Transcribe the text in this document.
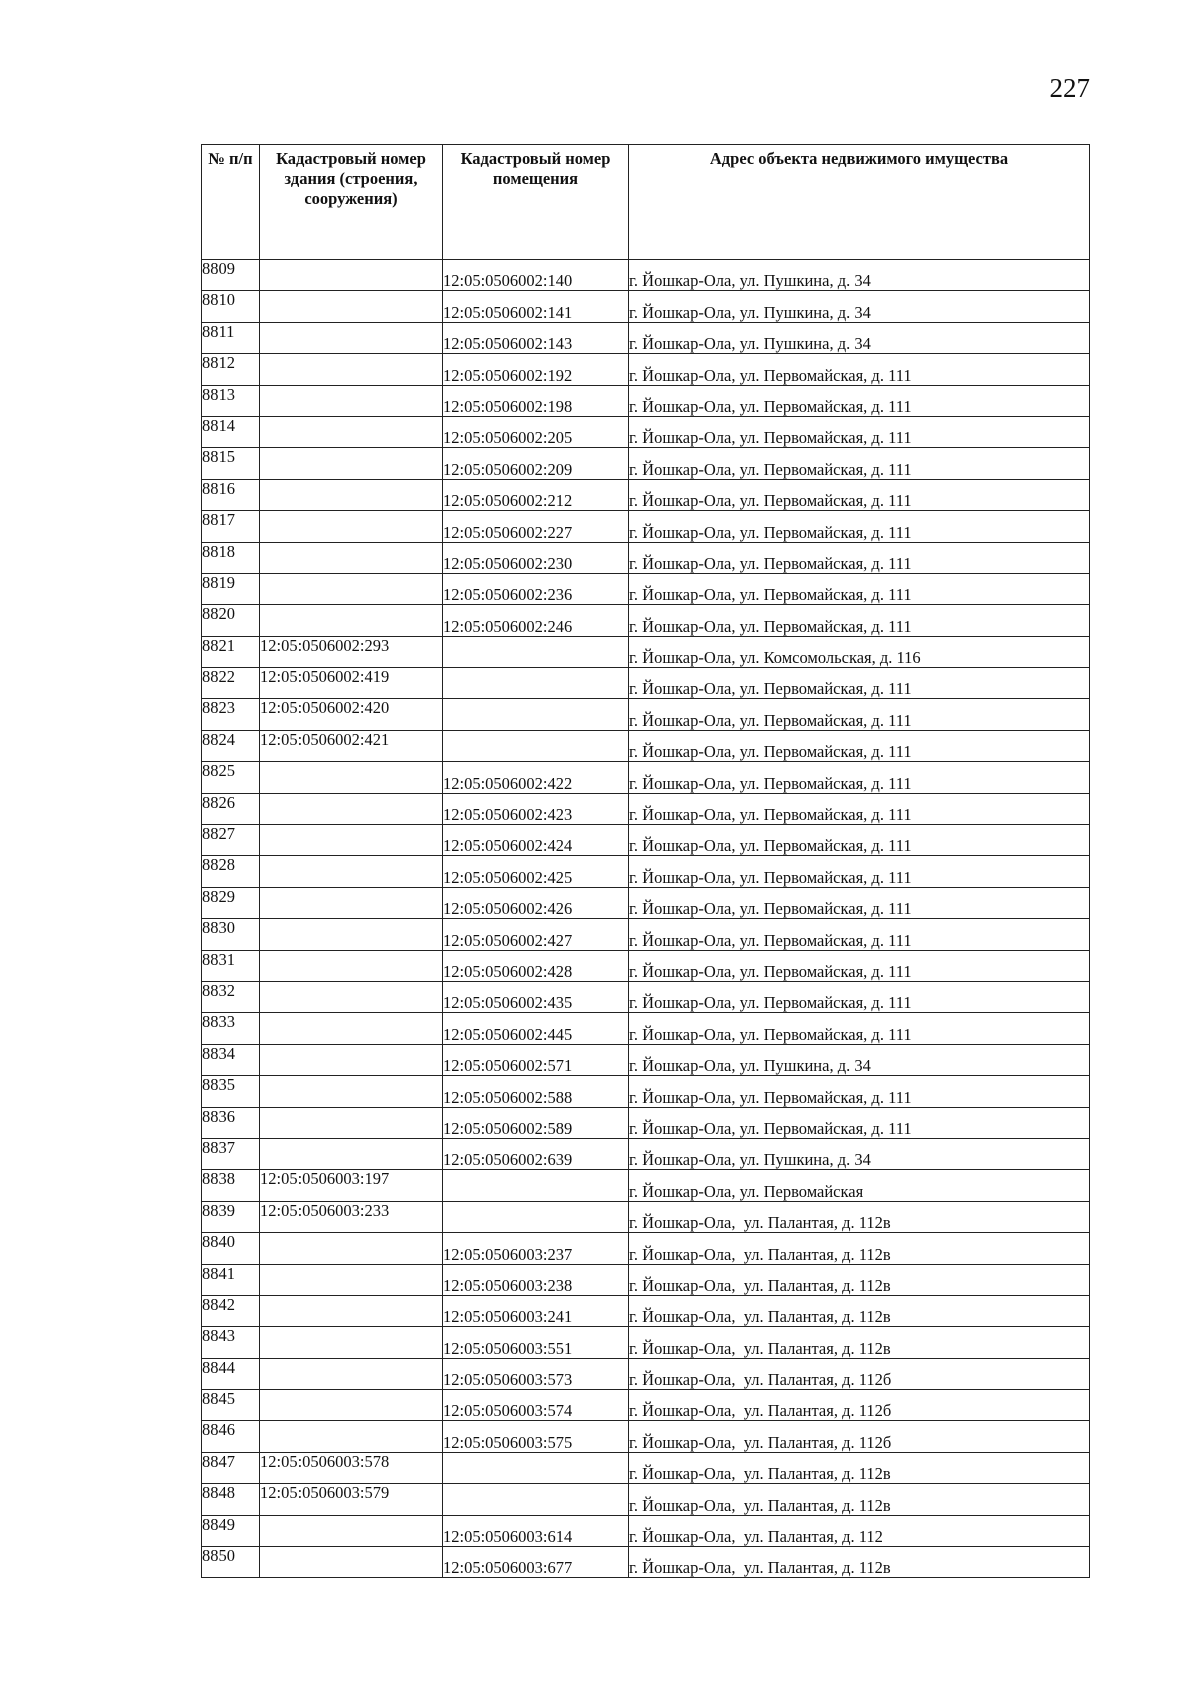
227
№ п/п	Кадастровый номер здания (строения, сооружения)	Кадастровый номер помещения	Адрес объекта недвижимого имущества
8809		12:05:0506002:140	г. Йошкар-Ола, ул. Пушкина, д. 34
8810		12:05:0506002:141	г. Йошкар-Ола, ул. Пушкина, д. 34
8811		12:05:0506002:143	г. Йошкар-Ола, ул. Пушкина, д. 34
8812		12:05:0506002:192	г. Йошкар-Ола, ул. Первомайская, д. 111
8813		12:05:0506002:198	г. Йошкар-Ола, ул. Первомайская, д. 111
8814		12:05:0506002:205	г. Йошкар-Ола, ул. Первомайская, д. 111
8815		12:05:0506002:209	г. Йошкар-Ола, ул. Первомайская, д. 111
8816		12:05:0506002:212	г. Йошкар-Ола, ул. Первомайская, д. 111
8817		12:05:0506002:227	г. Йошкар-Ола, ул. Первомайская, д. 111
8818		12:05:0506002:230	г. Йошкар-Ола, ул. Первомайская, д. 111
8819		12:05:0506002:236	г. Йошкар-Ола, ул. Первомайская, д. 111
8820		12:05:0506002:246	г. Йошкар-Ола, ул. Первомайская, д. 111
8821	12:05:0506002:293		г. Йошкар-Ола, ул. Комсомольская, д. 116
8822	12:05:0506002:419		г. Йошкар-Ола, ул. Первомайская, д. 111
8823	12:05:0506002:420		г. Йошкар-Ола, ул. Первомайская, д. 111
8824	12:05:0506002:421		г. Йошкар-Ола, ул. Первомайская, д. 111
8825		12:05:0506002:422	г. Йошкар-Ола, ул. Первомайская, д. 111
8826		12:05:0506002:423	г. Йошкар-Ола, ул. Первомайская, д. 111
8827		12:05:0506002:424	г. Йошкар-Ола, ул. Первомайская, д. 111
8828		12:05:0506002:425	г. Йошкар-Ола, ул. Первомайская, д. 111
8829		12:05:0506002:426	г. Йошкар-Ола, ул. Первомайская, д. 111
8830		12:05:0506002:427	г. Йошкар-Ола, ул. Первомайская, д. 111
8831		12:05:0506002:428	г. Йошкар-Ола, ул. Первомайская, д. 111
8832		12:05:0506002:435	г. Йошкар-Ола, ул. Первомайская, д. 111
8833		12:05:0506002:445	г. Йошкар-Ола, ул. Первомайская, д. 111
8834		12:05:0506002:571	г. Йошкар-Ола, ул. Пушкина, д. 34
8835		12:05:0506002:588	г. Йошкар-Ола, ул. Первомайская, д. 111
8836		12:05:0506002:589	г. Йошкар-Ола, ул. Первомайская, д. 111
8837		12:05:0506002:639	г. Йошкар-Ола, ул. Пушкина, д. 34
8838	12:05:0506003:197		г. Йошкар-Ола, ул. Первомайская
8839	12:05:0506003:233		г. Йошкар-Ола,  ул. Палантая, д. 112в
8840		12:05:0506003:237	г. Йошкар-Ола,  ул. Палантая, д. 112в
8841		12:05:0506003:238	г. Йошкар-Ола,  ул. Палантая, д. 112в
8842		12:05:0506003:241	г. Йошкар-Ола,  ул. Палантая, д. 112в
8843		12:05:0506003:551	г. Йошкар-Ола,  ул. Палантая, д. 112в
8844		12:05:0506003:573	г. Йошкар-Ола,  ул. Палантая, д. 112б
8845		12:05:0506003:574	г. Йошкар-Ола,  ул. Палантая, д. 112б
8846		12:05:0506003:575	г. Йошкар-Ола,  ул. Палантая, д. 112б
8847	12:05:0506003:578		г. Йошкар-Ола,  ул. Палантая, д. 112в
8848	12:05:0506003:579		г. Йошкар-Ола,  ул. Палантая, д. 112в
8849		12:05:0506003:614	г. Йошкар-Ола,  ул. Палантая, д. 112
8850		12:05:0506003:677	г. Йошкар-Ола,  ул. Палантая, д. 112в
